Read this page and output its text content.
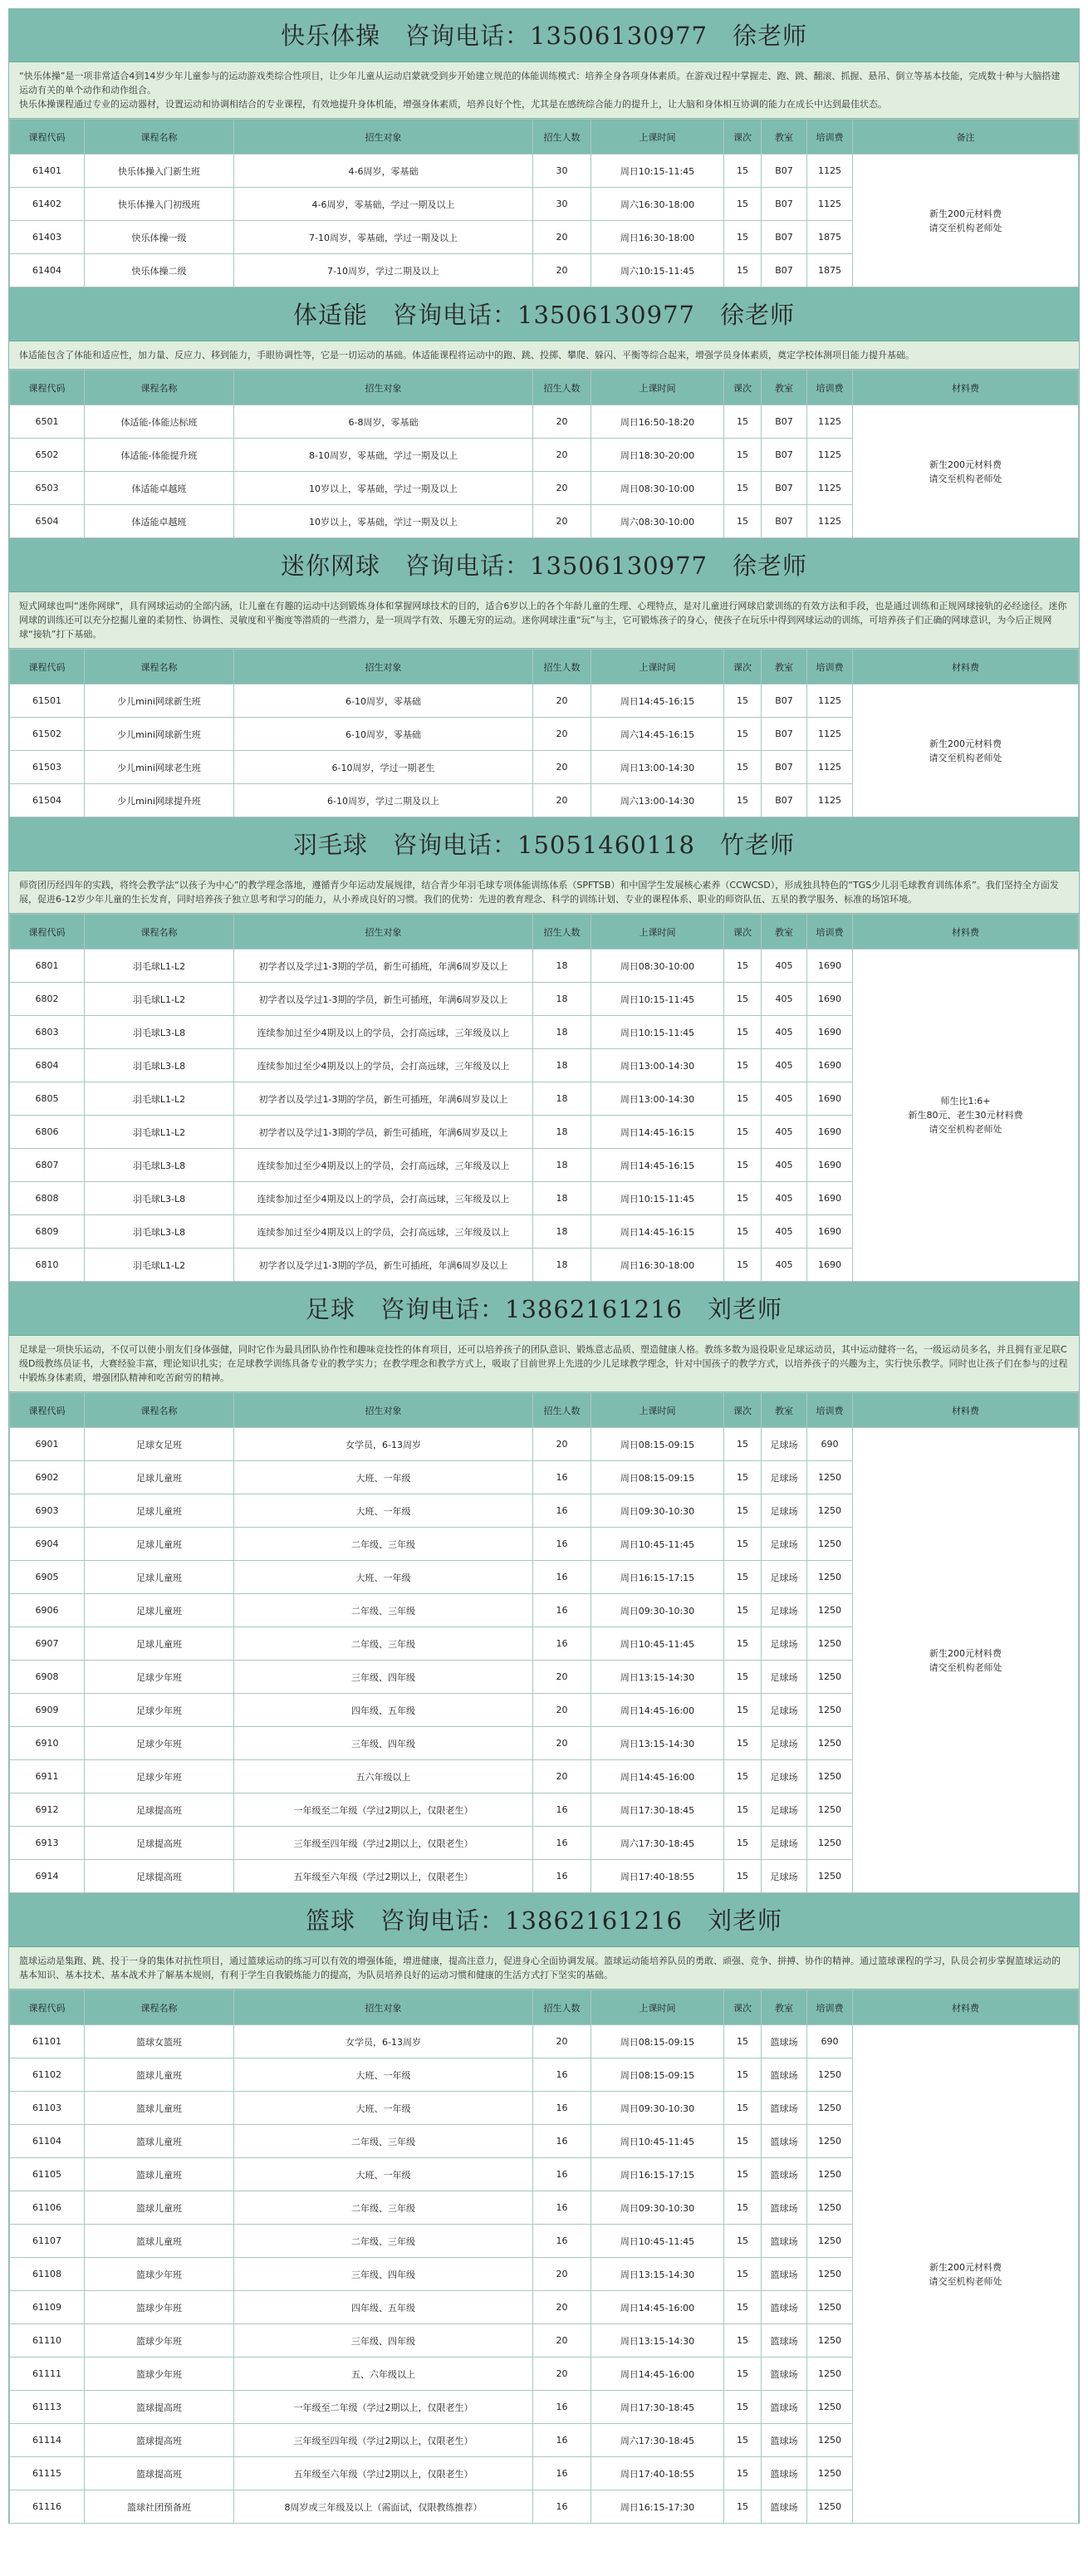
快乐体操　咨询电话：13506130977　徐老师
“快乐体操”是一项非常适合4到14岁少年儿童参与的运动游戏类综合性项目，让少年儿童从运动启蒙就受到步开始建立规范的体能训练模式：培养全身各项身体素质。在游戏过程中掌握走、跑、跳、翻滚、抓握、悬吊、倒立等基本技能，完成数十种与大脑搭建运动有关的单个动作和动作组合。
快乐体操课程通过专业的运动器材，设置运动和协调相结合的专业课程，有效地提升身体机能，增强身体素质，培养良好个性，尤其是在感统综合能力的提升上，让大脑和身体相互协调的能力在成长中达到最佳状态。
课程代码	课程名称	招生对象	招生人数	上课时间	课次	教室	培训费	备注
61401	快乐体操入门新生班	4-6周岁，零基础	30	周日10:15-11:45	15	B07	1125	新生200元材料费
请交至机构老师处

61402	快乐体操入门初级班	4-6周岁，零基础，学过一期及以上	30	周六16:30-18:00	15	B07	1125	
61403	快乐体操一级	7-10周岁，零基础，学过一期及以上	20	周日16:30-18:00	15	B07	1875	
61404	快乐体操二级	7-10周岁，学过二期及以上	20	周六10:15-11:45	15	B07	1875	
体适能　咨询电话：13506130977　徐老师
体适能包含了体能和适应性，加力量、反应力、移到能力，手眼协调性等，它是一切运动的基础。体适能课程将运动中的跑、跳、投掷、攀爬、躲闪、平衡等综合起来，增强学员身体素质，奠定学校体测项目能力提升基础。
课程代码	课程名称	招生对象	招生人数	上课时间	课次	教室	培训费	材料费
6501	体适能-体能达标班	6-8周岁，零基础	20	周日16:50-18:20	15	B07	1125	新生200元材料费
请交至机构老师处

6502	体适能-体能提升班	8-10周岁，零基础，学过一期及以上	20	周日18:30-20:00	15	B07	1125	
6503	体适能卓越班	10岁以上，零基础，学过一期及以上	20	周日08:30-10:00	15	B07	1125	
6504	体适能卓越班	10岁以上，零基础，学过一期及以上	20	周六08:30-10:00	15	B07	1125	
迷你网球　咨询电话：13506130977　徐老师
短式网球也叫“迷你网球”，具有网球运动的全部内涵，让儿童在有趣的运动中达到锻炼身体和掌握网球技术的目的，适合6岁以上的各个年龄儿童的生理、心理特点，是对儿童进行网球启蒙训练的有效方法和手段，也是通过训练和正规网球接轨的必经途径。迷你网球的训练还可以充分挖掘儿童的柔韧性、协调性、灵敏度和平衡度等潜质的一些潜力，是一项周学有效、乐趣无穷的运动。迷你网球注重“玩”与主，它可锻炼孩子的身心，使孩子在玩乐中得到网球运动的训练，可培养孩子们正确的网球意识，为今后正规网球“接轨”打下基础。
课程代码	课程名称	招生对象	招生人数	上课时间	课次	教室	培训费	材料费
61501	少儿mini网球新生班	6-10周岁，零基础	20	周日14:45-16:15	15	B07	1125	新生200元材料费
请交至机构老师处

61502	少儿mini网球新生班	6-10周岁，零基础	20	周六14:45-16:15	15	B07	1125	
61503	少儿mini网球老生班	6-10周岁，学过一期老生	20	周日13:00-14:30	15	B07	1125	
61504	少儿mini网球提升班	6-10周岁，学过二期及以上	20	周六13:00-14:30	15	B07	1125	
羽毛球　咨询电话：15051460118　竹老师
师资团历经四年的实践，将终会教学法“以孩子为中心”的教学理念落地，遵循青少年运动发展规律，结合青少年羽毛球专项体能训练体系（SPFTSB）和中国学生发展核心素养（CCWCSD），形成独具特色的“TGS少儿羽毛球教育训练体系”。我们坚持全方面发展，促进6-12岁少年儿童的生长发育，同时培养孩子独立思考和学习的能力，从小养成良好的习惯。我们的优势：先进的教育理念、科学的训练计划、专业的课程体系、职业的师资队伍、五星的教学服务、标准的场馆环境。
课程代码	课程名称	招生对象	招生人数	上课时间	课次	教室	培训费	材料费
6801	羽毛球L1-L2	初学者以及学过1-3期的学员，新生可插班，年满6周岁及以上	18	周日08:30-10:00	15	405	1690	师生比1:6+
新生80元、老生30元材料费
请交至机构老师处

6802	羽毛球L1-L2	初学者以及学过1-3期的学员，新生可插班，年满6周岁及以上	18	周日10:15-11:45	15	405	1690	
6803	羽毛球L3-L8	连续参加过至少4期及以上的学员，会打高远球，三年级及以上	18	周日10:15-11:45	15	405	1690	
6804	羽毛球L3-L8	连续参加过至少4期及以上的学员，会打高远球，三年级及以上	18	周日13:00-14:30	15	405	1690	
6805	羽毛球L1-L2	初学者以及学过1-3期的学员，新生可插班，年满6周岁及以上	18	周日13:00-14:30	15	405	1690	
6806	羽毛球L1-L2	初学者以及学过1-3期的学员，新生可插班，年满6周岁及以上	18	周日14:45-16:15	15	405	1690	
6807	羽毛球L3-L8	连续参加过至少4期及以上的学员，会打高远球，三年级及以上	18	周日14:45-16:15	15	405	1690	
6808	羽毛球L3-L8	连续参加过至少4期及以上的学员，会打高远球，三年级及以上	18	周日10:15-11:45	15	405	1690	
6809	羽毛球L3-L8	连续参加过至少4期及以上的学员，会打高远球，三年级及以上	18	周日14:45-16:15	15	405	1690	
6810	羽毛球L1-L2	初学者以及学过1-3期的学员，新生可插班，年满6周岁及以上	18	周日16:30-18:00	15	405	1690	
足球　咨询电话：13862161216　刘老师
足球是一项快乐运动，不仅可以使小朋友们身体强健，同时它作为最具团队协作性和趣味竞技性的体育项目，还可以培养孩子的团队意识、锻炼意志品质、塑造健康人格。教练多数为退役职业足球运动员，其中运动健将一名，一级运动员多名，并且拥有亚足联C级D级教练员证书，大赛经验丰富，理论知识扎实；在足球教学训练具备专业的教学实力；在教学理念和教学方式上，吸取了目前世界上先进的少儿足球教学理念，针对中国孩子的教学方式，以培养孩子的兴趣为主，实行快乐教学。同时也让孩子们在参与的过程中锻炼身体素质，增强团队精神和吃苦耐劳的精神。
课程代码	课程名称	招生对象	招生人数	上课时间	课次	教室	培训费	材料费
6901	足球女足班	女学员，6-13周岁	20	周日08:15-09:15	15	足球场	690	新生200元材料费
请交至机构老师处

6902	足球儿童班	大班、一年级	16	周日08:15-09:15	15	足球场	1250	
6903	足球儿童班	大班、一年级	16	周日09:30-10:30	15	足球场	1250	
6904	足球儿童班	二年级、三年级	16	周日10:45-11:45	15	足球场	1250	
6905	足球儿童班	大班、一年级	16	周日16:15-17:15	15	足球场	1250	
6906	足球儿童班	二年级、三年级	16	周日09:30-10:30	15	足球场	1250	
6907	足球儿童班	二年级、三年级	16	周日10:45-11:45	15	足球场	1250	
6908	足球少年班	三年级、四年级	20	周日13:15-14:30	15	足球场	1250	
6909	足球少年班	四年级、五年级	20	周日14:45-16:00	15	足球场	1250	
6910	足球少年班	三年级、四年级	20	周日13:15-14:30	15	足球场	1250	
6911	足球少年班	五六年级以上	20	周日14:45-16:00	15	足球场	1250	
6912	足球提高班	一年级至二年级（学过2期以上，仅限老生）	16	周日17:30-18:45	15	足球场	1250	
6913	足球提高班	三年级至四年级（学过2期以上，仅限老生）	16	周六17:30-18:45	15	足球场	1250	
6914	足球提高班	五年级至六年级（学过2期以上，仅限老生）	16	周日17:40-18:55	15	足球场	1250	
篮球　咨询电话：13862161216　刘老师
篮球运动是集跑、跳、投于一身的集体对抗性项目，通过篮球运动的练习可以有效的增强体能，增进健康，提高注意力，促进身心全面协调发展。篮球运动能培养队员的勇敢、顽强、竞争、拼搏、协作的精神。通过篮球课程的学习，队员会初步掌握篮球运动的基本知识、基本技术、基本战术并了解基本规则，有利于学生自我锻炼能力的提高，为队员培养良好的运动习惯和健康的生活方式打下坚实的基础。
课程代码	课程名称	招生对象	招生人数	上课时间	课次	教室	培训费	材料费
61101	篮球女篮班	女学员，6-13周岁	20	周日08:15-09:15	15	篮球场	690	新生200元材料费
请交至机构老师处

61102	篮球儿童班	大班、一年级	16	周日08:15-09:15	15	篮球场	1250	
61103	篮球儿童班	大班、一年级	16	周日09:30-10:30	15	篮球场	1250	
61104	篮球儿童班	二年级、三年级	16	周日10:45-11:45	15	篮球场	1250	
61105	篮球儿童班	大班、一年级	16	周日16:15-17:15	15	篮球场	1250	
61106	篮球儿童班	二年级、三年级	16	周日09:30-10:30	15	篮球场	1250	
61107	篮球儿童班	二年级、三年级	16	周日10:45-11:45	15	篮球场	1250	
61108	篮球少年班	三年级、四年级	20	周日13:15-14:30	15	篮球场	1250	
61109	篮球少年班	四年级、五年级	20	周日14:45-16:00	15	篮球场	1250	
61110	篮球少年班	三年级、四年级	20	周日13:15-14:30	15	篮球场	1250	
61111	篮球少年班	五、六年级以上	20	周日14:45-16:00	15	篮球场	1250	
61113	篮球提高班	一年级至二年级（学过2期以上，仅限老生）	16	周日17:30-18:45	15	篮球场	1250	
61114	篮球提高班	三年级至四年级（学过2期以上，仅限老生）	16	周六17:30-18:45	15	篮球场	1250	
61115	篮球提高班	五年级至六年级（学过2期以上，仅限老生）	16	周日17:40-18:55	15	篮球场	1250	
61116	篮球社团预备班	8周岁或三年级及以上（需面试，仅限教练推荐）	16	周日16:15-17:30	15	篮球场	1250	
